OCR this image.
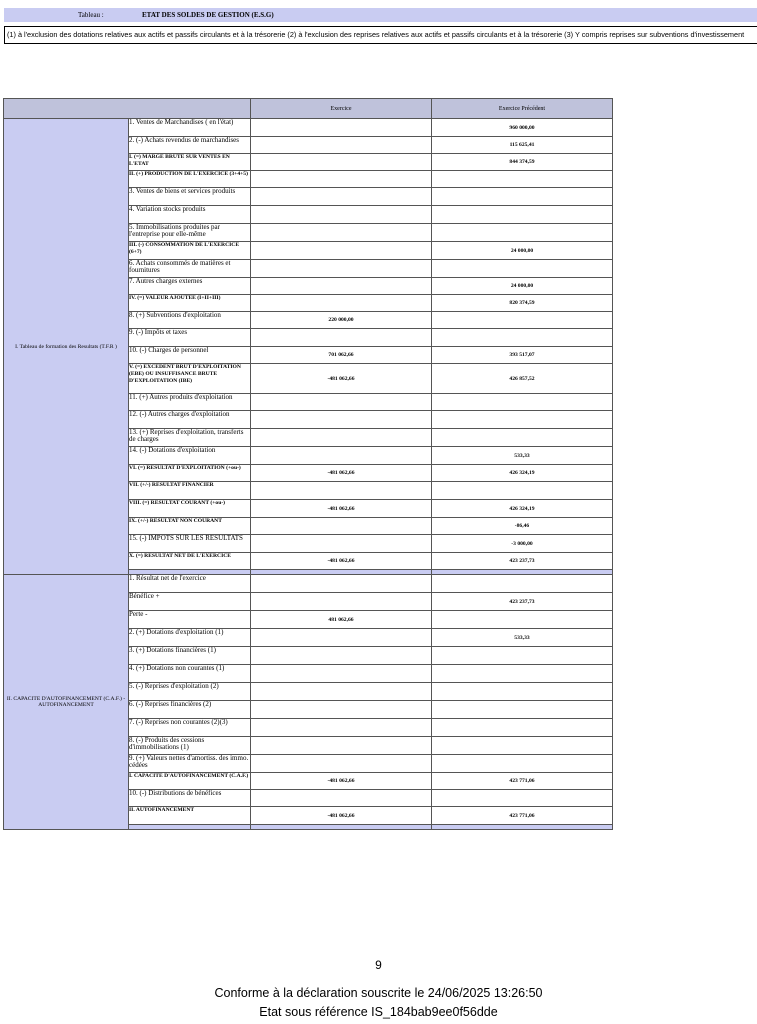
Tableau :	ETAT DES SOLDES DE GESTION (E.S.G)
(1) à l'exclusion des dotations relatives aux actifs et passifs circulants et à la trésorerie (2) à l'exclusion des reprises relatives aux actifs et passifs circulants et à la trésorerie (3) Y compris reprises sur subventions d'investissement
		Exercice	Exercice Précédent
I. Tableau de formation des Resultats (T.F.R )	1. Ventes de Marchandises ( en l'état)		960 000,00
	2. (-) Achats revendus de marchandises		115 625,41
	I. (=) MARGE BRUTE SUR VENTES EN L'ETAT		844 374,59
	II. (+) PRODUCTION DE L'EXERCICE (3+4+5)		
	3. Ventes de biens et services produits		
	4. Variation stocks produits		
	5. Immobilisations produites par l'entreprise pour elle-même		
	III. (-) CONSOMMATION DE L'EXERCICE (6+7)		24 000,00
	6. Achats consommés de matières et fournitures		
	7. Autres charges externes		24 000,00
	IV. (=) VALEUR AJOUTEE (I+II+III)		820 374,59
	8. (+) Subventions d'exploitation	220 000,00	
	9. (-) Impôts et taxes		
	10. (-) Charges de personnel	701 062,66	393 517,07
	V. (=) EXCEDENT BRUT D'EXPLOITATION (EBE) OU INSUFFISANCE BRUTE D'EXPLOITATION (IBE)	-481 062,66	426 857,52
	11. (+) Autres produits d'exploitation		
	12. (-) Autres charges d'exploitation		
	13. (+) Reprises d'exploitation, transferts de charges		
	14. (-) Dotations d'exploitation		533,33
	VI. (=) RESULTAT D'EXPLOITATION (+ou-)	-481 062,66	426 324,19
	VII. (+/-) RESULTAT FINANCIER		
	VIII. (=) RESULTAT COURANT (+ou-)	-481 062,66	426 324,19
	IX. (+/-) RESULTAT NON COURANT		-86,46
	15. (-) IMPOTS SUR LES RESULTATS		-3 000,00
	X. (=) RESULTAT NET DE L'EXERCICE	-481 062,66	423 237,73

II. CAPACITE D'AUTOFINANCEMENT (C.A.F.) - AUTOFINANCEMENT	1. Résultat net de l'exercice		
	Bénéfice +		423 237,73
	Perte -	481 062,66	
	2. (+) Dotations d'exploitation (1)		533,33
	3. (+) Dotations financières (1)		
	4. (+) Dotations non courantes (1)		
	5. (-) Reprises d'exploitation (2)		
	6. (-) Reprises financières (2)		
	7. (-) Reprises non courantes (2)(3)		
	8. (-) Produits des cessions d'immobilisations (1)		
	9. (+) Valeurs nettes d'amortiss. des immo. cédées		
	I. CAPACITE D'AUTOFINANCEMENT (C.A.F.)	-481 062,66	423 771,06
	10. (-) Distributions de bénéfices		
	II. AUTOFINANCEMENT	-481 062,66	423 771,06

9
Conforme à la déclaration souscrite le 24/06/2025 13:26:50
Etat sous référence IS_184bab9ee0f56dde
